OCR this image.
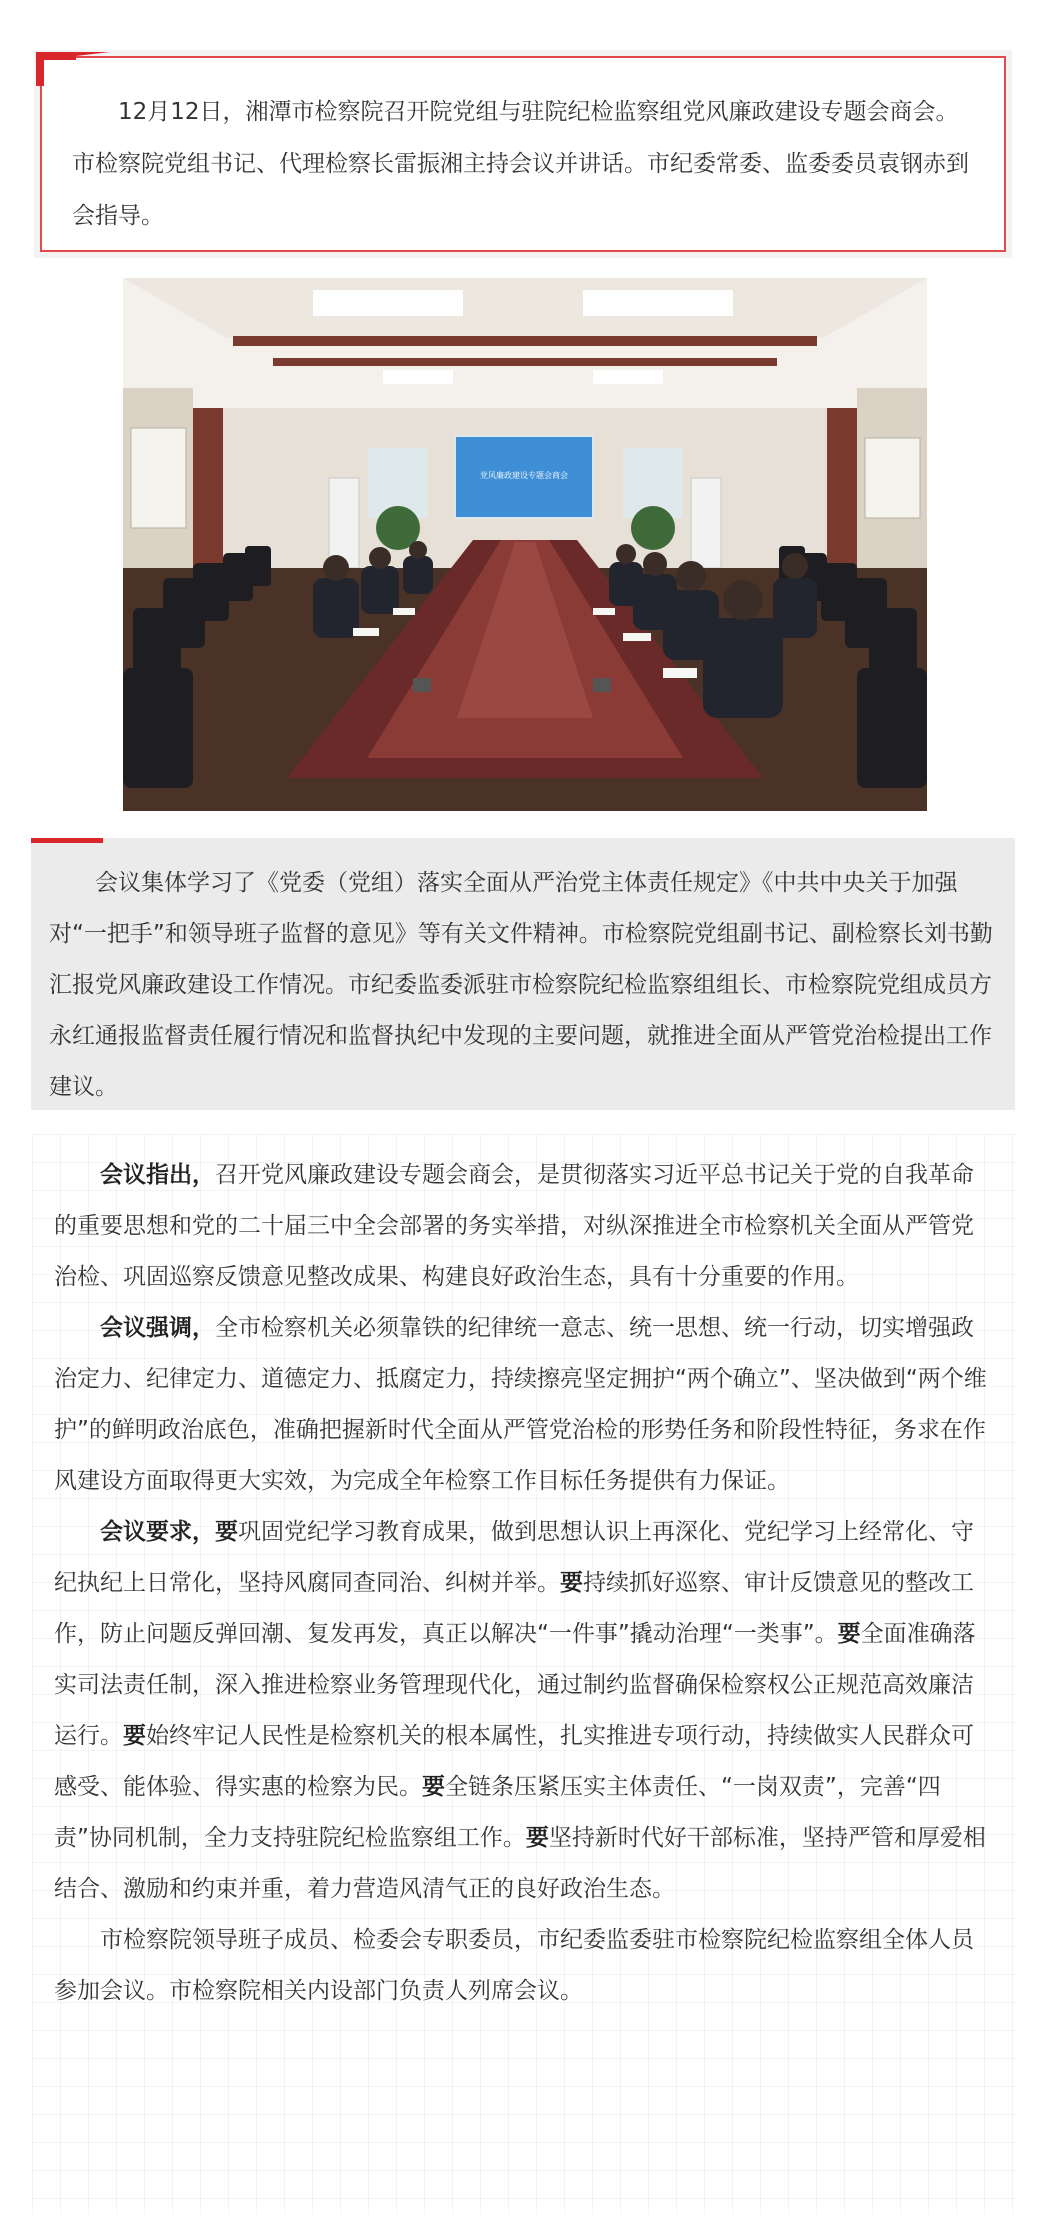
12月12日，湘潭市检察院召开院党组与驻院纪检监察组党风廉政建设专题会商会。市检察院党组书记、代理检察长雷振湘主持会议并讲话。市纪委常委、监委委员袁钢赤到会指导。

党风廉政建设专题会商会

会议集体学习了《党委（党组）落实全面从严治党主体责任规定》《中共中央关于加强对“一把手”和领导班子监督的意见》等有关文件精神。市检察院党组副书记、副检察长刘书勤汇报党风廉政建设工作情况。市纪委监委派驻市检察院纪检监察组组长、市检察院党组成员方永红通报监督责任履行情况和监督执纪中发现的主要问题，就推进全面从严管党治检提出工作建议。

会议指出，召开党风廉政建设专题会商会，是贯彻落实习近平总书记关于党的自我革命的重要思想和党的二十届三中全会部署的务实举措，对纵深推进全市检察机关全面从严管党治检、巩固巡察反馈意见整改成果、构建良好政治生态，具有十分重要的作用。

会议强调，全市检察机关必须靠铁的纪律统一意志、统一思想、统一行动，切实增强政治定力、纪律定力、道德定力、抵腐定力，持续擦亮坚定拥护“两个确立”、坚决做到“两个维护”的鲜明政治底色，准确把握新时代全面从严管党治检的形势任务和阶段性特征，务求在作风建设方面取得更大实效，为完成全年检察工作目标任务提供有力保证。

会议要求，要巩固党纪学习教育成果，做到思想认识上再深化、党纪学习上经常化、守纪执纪上日常化，坚持风腐同查同治、纠树并举。要持续抓好巡察、审计反馈意见的整改工作，防止问题反弹回潮、复发再发，真正以解决“一件事”撬动治理“一类事”。要全面准确落实司法责任制，深入推进检察业务管理现代化，通过制约监督确保检察权公正规范高效廉洁运行。要始终牢记人民性是检察机关的根本属性，扎实推进专项行动，持续做实人民群众可感受、能体验、得实惠的检察为民。要全链条压紧压实主体责任、“一岗双责”，完善“四责”协同机制，全力支持驻院纪检监察组工作。要坚持新时代好干部标准，坚持严管和厚爱相结合、激励和约束并重，着力营造风清气正的良好政治生态。

市检察院领导班子成员、检委会专职委员，市纪委监委驻市检察院纪检监察组全体人员参加会议。市检察院相关内设部门负责人列席会议。
